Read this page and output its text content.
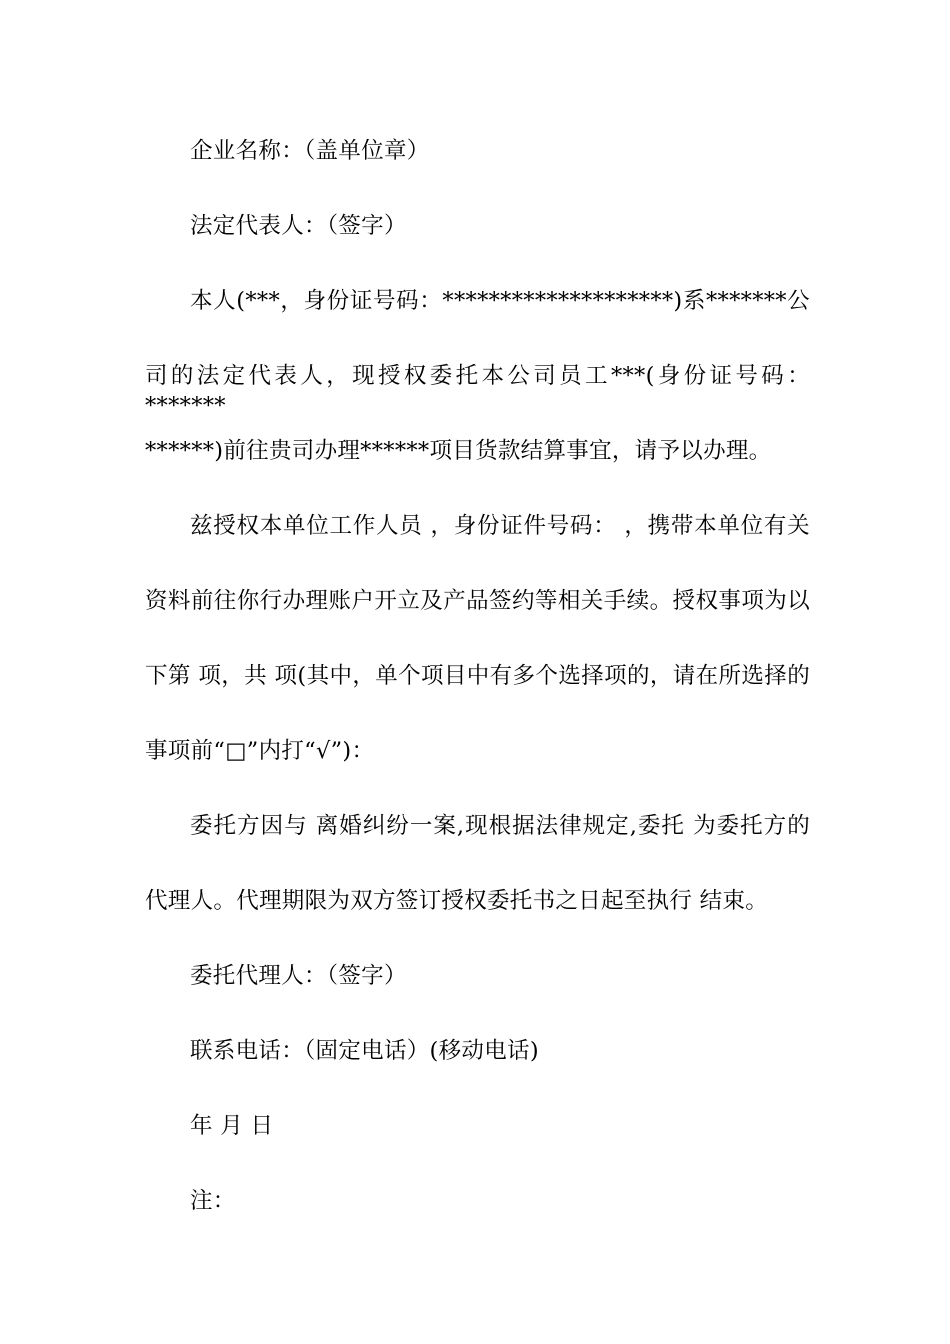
企业名称：（盖单位章）
法定代表人：（签字）
本人(***，身份证号码：********************)系*******公
司的法定代表人，现授权委托本公司员工***(身份证号码：*******
******)前往贵司办理******项目货款结算事宜，请予以办理。
兹授权本单位工作人员 ，身份证件号码： ，携带本单位有关
资料前往你行办理账户开立及产品签约等相关手续。授权事项为以
下第 项，共 项(其中，单个项目中有多个选择项的，请在所选择的
事项前“□”内打“√”)：
委托方因与 离婚纠纷一案,现根据法律规定,委托 为委托方的
代理人。代理期限为双方签订授权委托书之日起至执行 结束。
委托代理人：（签字）
联系电话：（固定电话）(移动电话)
年 月 日
注：
